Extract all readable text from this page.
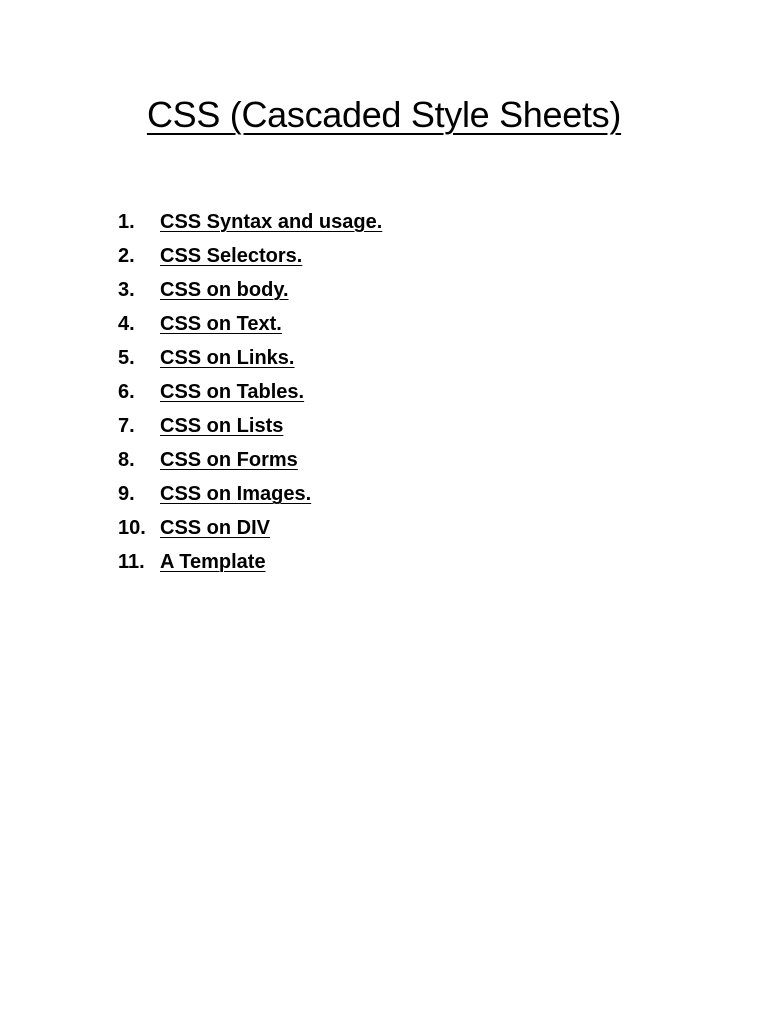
CSS (Cascaded Style Sheets)
1.	CSS Syntax and usage.
2.	CSS Selectors.
3.	CSS on body.
4.	CSS on Text.
5.	CSS on Links.
6.	CSS on Tables.
7.	CSS on Lists
8.	CSS on Forms
9.	CSS on Images.
10. CSS on DIV
11. A Template
